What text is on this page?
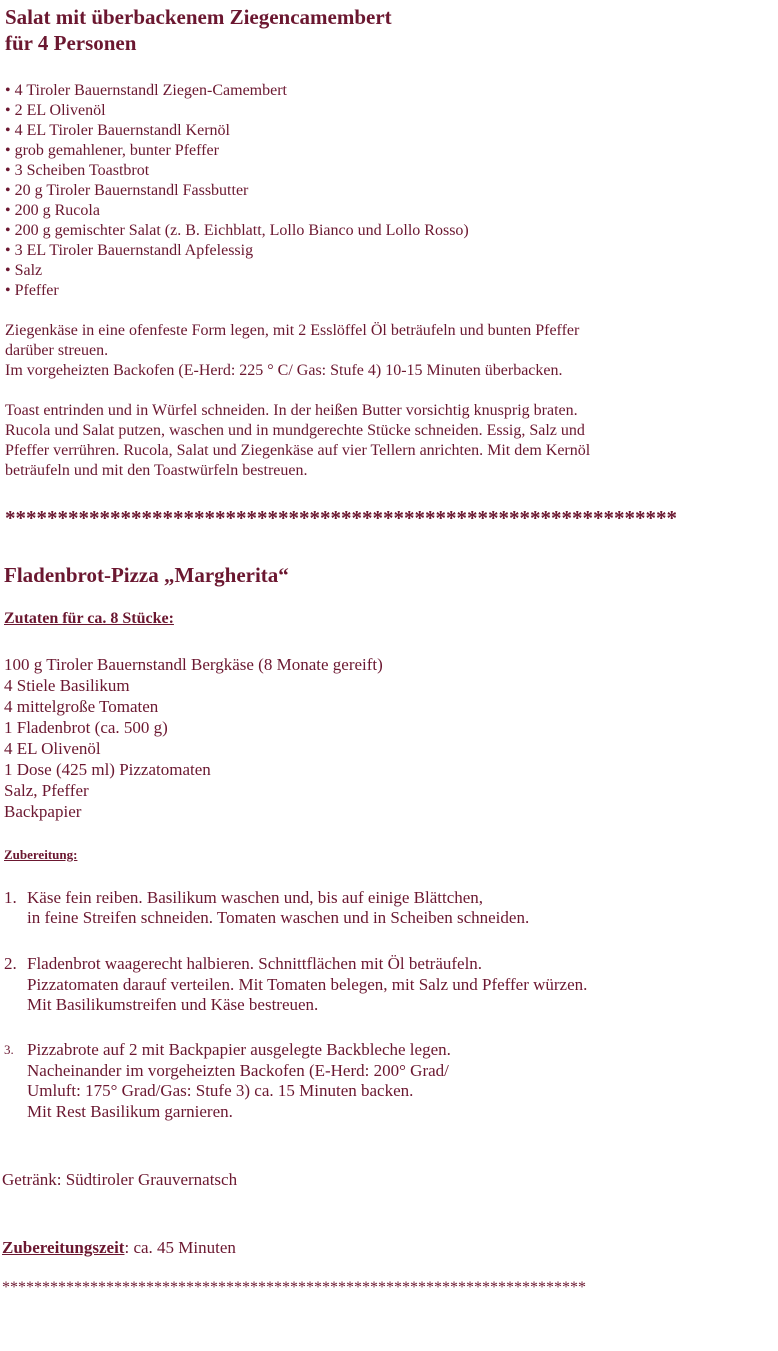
Salat mit überbackenem Ziegencamembert
für 4 Personen
• 4 Tiroler Bauernstandl Ziegen-Camembert
• 2 EL Olivenöl
• 4 EL Tiroler Bauernstandl Kernöl
• grob gemahlener, bunter Pfeffer
• 3 Scheiben Toastbrot
• 20 g Tiroler Bauernstandl Fassbutter
• 200 g Rucola
• 200 g gemischter Salat (z. B. Eichblatt, Lollo Bianco und Lollo Rosso)
• 3 EL Tiroler Bauernstandl Apfelessig
• Salz
• Pfeffer
Ziegenkäse in eine ofenfeste Form legen, mit 2 Esslöffel Öl beträufeln und bunten Pfeffer
darüber streuen.
Im vorgeheizten Backofen (E-Herd: 225 ° C/ Gas: Stufe 4) 10-15 Minuten überbacken.
Toast entrinden und in Würfel schneiden. In der heißen Butter vorsichtig knusprig braten.
Rucola und Salat putzen, waschen und in mundgerechte Stücke schneiden. Essig, Salz und
Pfeffer verrühren. Rucola, Salat und Ziegenkäse auf vier Tellern anrichten. Mit dem Kernöl
beträufeln und mit den Toastwürfeln bestreuen.
****************************************************************
Fladenbrot-Pizza „Margherita“
Zutaten für ca. 8 Stücke:
100 g Tiroler Bauernstandl Bergkäse (8 Monate gereift)
4 Stiele Basilikum
4 mittelgroße Tomaten
1 Fladenbrot (ca. 500 g)
4 EL Olivenöl
1 Dose (425 ml) Pizzatomaten
Salz, Pfeffer
Backpapier
Zubereitung:
1. Käse fein reiben. Basilikum waschen und, bis auf einige Blättchen,
in feine Streifen schneiden. Tomaten waschen und in Scheiben schneiden.
2. Fladenbrot waagerecht halbieren. Schnittflächen mit Öl beträufeln.
Pizzatomaten darauf verteilen. Mit Tomaten belegen, mit Salz und Pfeffer würzen.
Mit Basilikumstreifen und Käse bestreuen.
3. Pizzabrote auf 2 mit Backpapier ausgelegte Backbleche legen.
Nacheinander im vorgeheizten Backofen (E-Herd: 200° Grad/
Umluft: 175° Grad/Gas: Stufe 3) ca. 15 Minuten backen.
Mit Rest Basilikum garnieren.
Getränk: Südtiroler Grauvernatsch
Zubereitungszeit: ca. 45 Minuten
*************************************************************************
